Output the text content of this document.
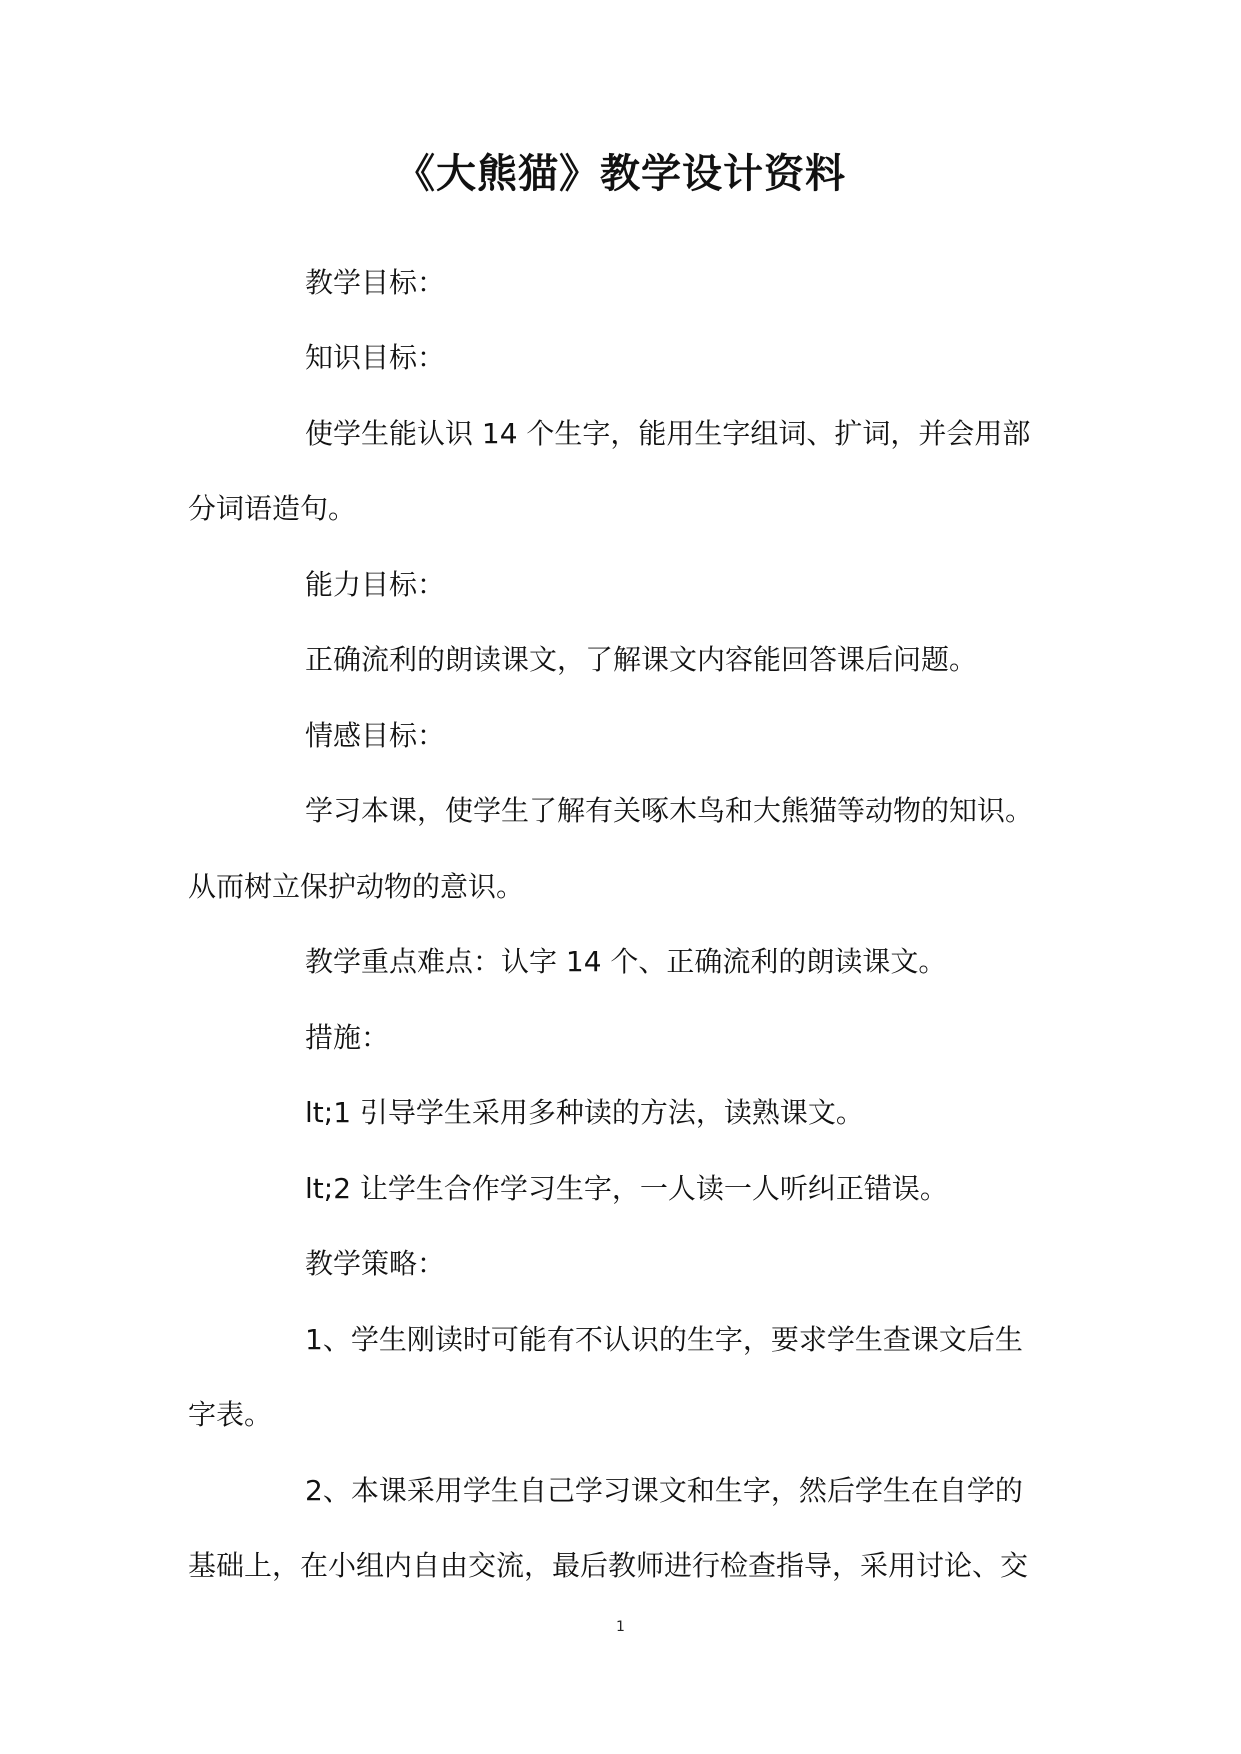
《大熊猫》教学设计资料
教学目标：
知识目标：
使学生能认识 14 个生字，能用生字组词、扩词，并会用部
分词语造句。
能力目标：
正确流利的朗读课文，了解课文内容能回答课后问题。
情感目标：
学习本课，使学生了解有关啄木鸟和大熊猫等动物的知识。
从而树立保护动物的意识。
教学重点难点：认字 14 个、正确流利的朗读课文。
措施：
lt;1 引导学生采用多种读的方法，读熟课文。
lt;2 让学生合作学习生字，一人读一人听纠正错误。
教学策略：
1、学生刚读时可能有不认识的生字，要求学生查课文后生
字表。
2、本课采用学生自己学习课文和生字，然后学生在自学的
基础上，在小组内自由交流，最后教师进行检查指导，采用讨论、交
1
